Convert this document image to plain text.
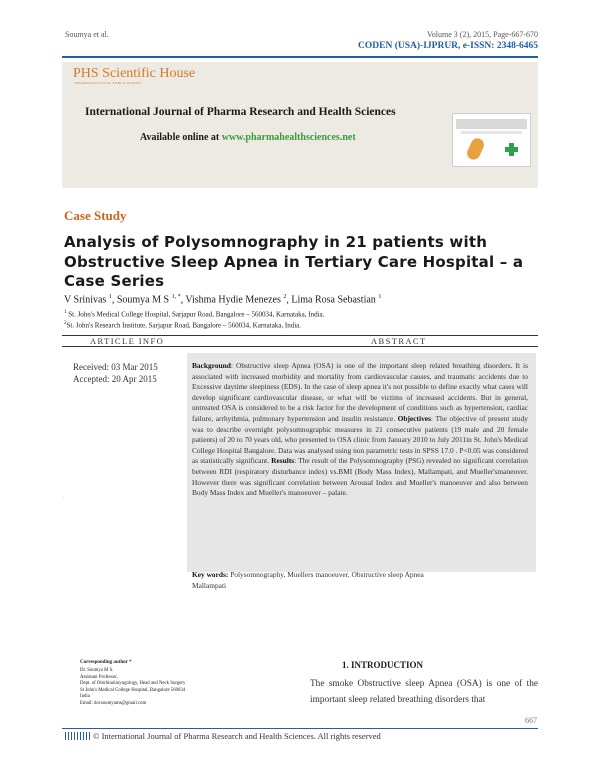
Soumya et al.	Volume 3 (2), 2015, Page-667-670
CODEN (USA)-IJPRUR, e-ISSN: 2348-6465
PHS Scientific House
PHARMACEUTICAL PUBLICATIONS
International Journal of Pharma Research and Health Sciences
Available online at www.pharmahealthsciences.net
Case Study
Analysis of Polysomnography in 21 patients with Obstructive Sleep Apnea in Tertiary Care Hospital – a Case Series
V Srinivas $^1$, Soumya M S $^{1, *}$, Vishma Hydie Menezes $^2$, Lima Rosa Sebastian $^1$
$^1$ St. John's Medical College Hospital, Sarjapur Road, Bangalore – 560034, Karnataka, India.
$^2$St. John's Research Institute, Sarjapur Road, Bangalore – 560034, Karnataka, India.
ARTICLE INFO	ABSTRACT
Received: 03 Mar 2015
Accepted: 20 Apr 2015
.
Background: Obstructive sleep Apnea (OSA) is one of the important sleep related breathing disorders. It is associated with increased morbidity and mortality from cardiovascular causes, and traumatic accidents due to Excessive daytime sleepiness (EDS). In the case of sleep apnea it's not possible to define exactly what cases will develop significant cardiovascular disease, or what will be victims of increased accidents. But in general, untreated OSA is considered to be a risk factor for the development of conditions such as hypertension, cardiac failure, arrhythmia, pulmonary hypertension and insulin resistance. Objectives: The objective of present study was to describe overnight polysomnographic measures in 21 consecutive patients (19 male and 20 female patients) of 20 to 70 years old, who presented to OSA clinic from January 2010 to July 2011in St. John's Medical College Hospital Bangalore. Data was analysed using non parametric tests in SPSS 17.0 . P<0.05 was considered as statistically significant. Results: The result of the Polysomnography (PSG) revealed no significant correlation between RDI (respiratory disturbance index) vs.BMI (Body Mass Index), Mallampati, and Mueller'smaneuver. However there was significant correlation between Arousal Index and Mueller's manoeuver and also between Body Mass Index and Mueller's manoeuver – palate.
Key words: Polysomnography, Muellers manoeuver, Obstructive sleep Apnea
Mallampati
Corresponding author *
Dr. Soumya M S.
Assistant Professor,
Dept. of Otorhinolaryngology, Head and Neck Surgery
St John's Medical College Hospital, Bangalore 560034
India
Email: docsoumyams@gmail.com
1. INTRODUCTION
The smoke Obstructive sleep Apnea (OSA) is one of the important sleep related breathing disorders that
667
© International Journal of Pharma Research and Health Sciences. All rights reserved
